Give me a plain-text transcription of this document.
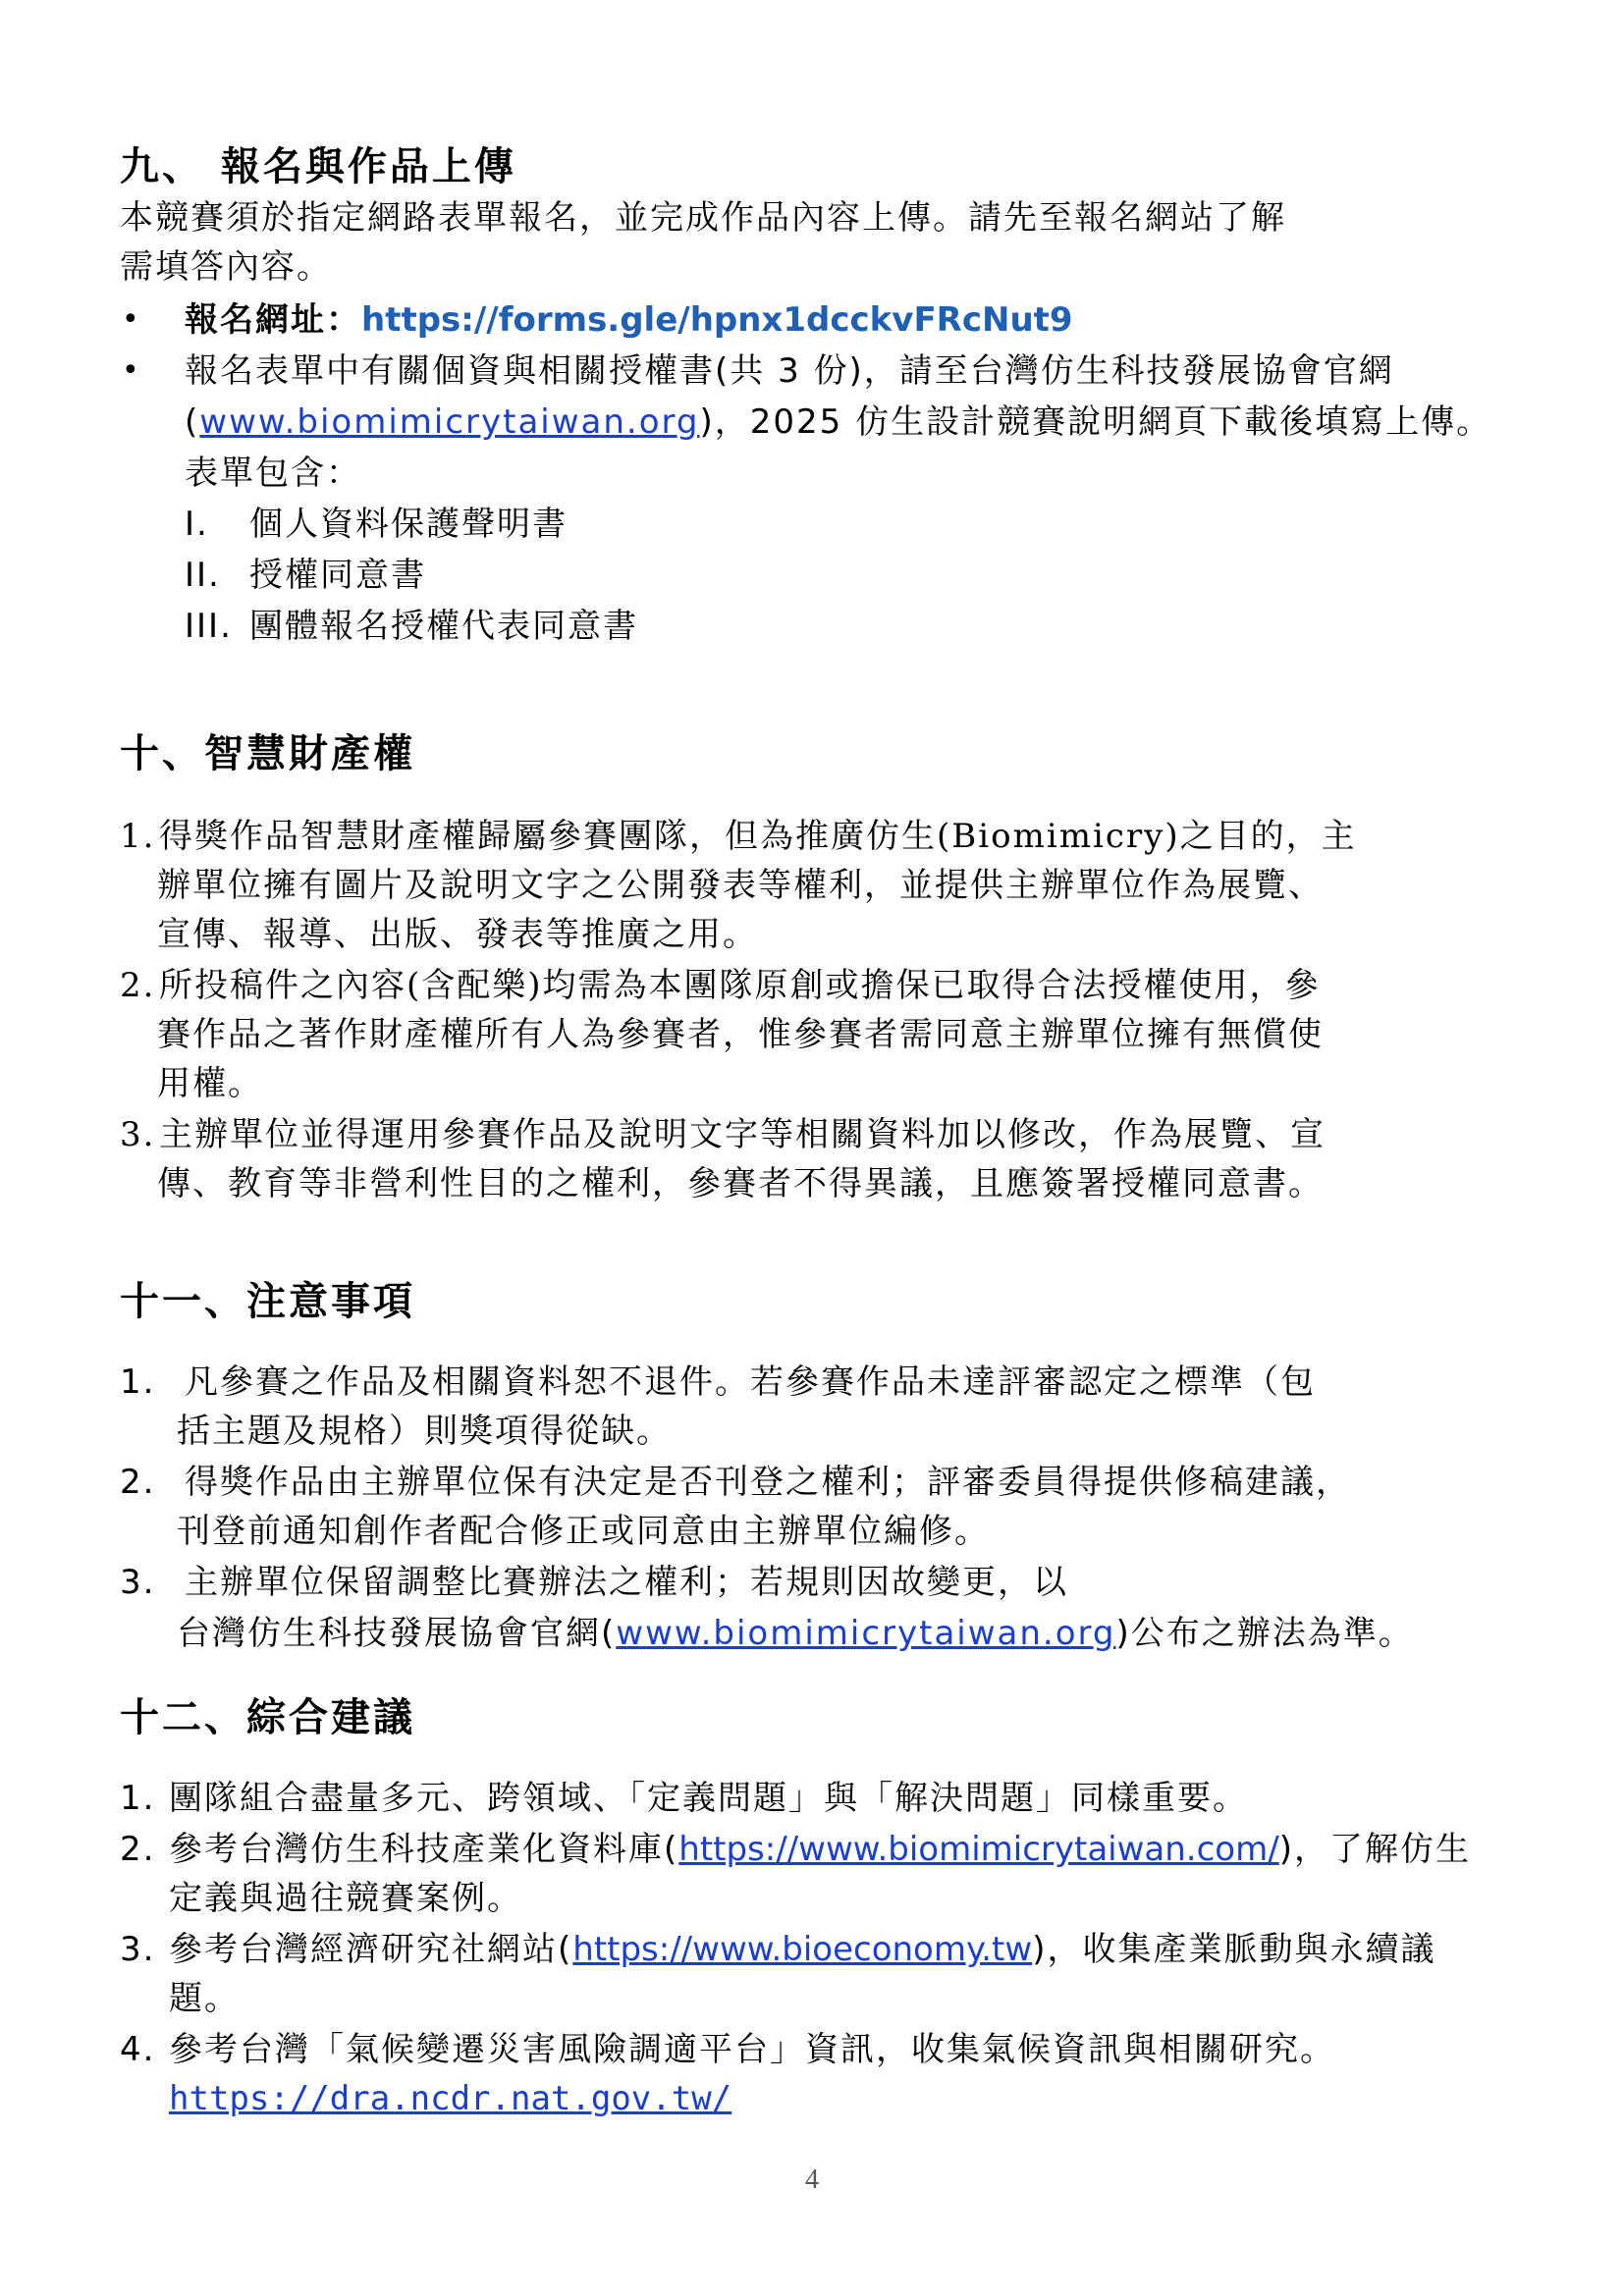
九、 報名與作品上傳
本競賽須於指定網路表單報名，並完成作品內容上傳。請先至報名網站了解
需填答內容。
• 報名網址：https://forms.gle/hpnx1dcckvFRcNut9
• 報名表單中有關個資與相關授權書(共 3 份)，請至台灣仿生科技發展協會官網
(www.biomimicrytaiwan.org)，2025 仿生設計競賽說明網頁下載後填寫上傳。
表單包含：
I. 個人資料保護聲明書
II. 授權同意書
III. 團體報名授權代表同意書
十、智慧財產權
1. 得獎作品智慧財產權歸屬參賽團隊，但為推廣仿生(Biomimicry)之目的，主
辦單位擁有圖片及說明文字之公開發表等權利，並提供主辦單位作為展覽、
宣傳、報導、出版、發表等推廣之用。
2. 所投稿件之內容(含配樂)均需為本團隊原創或擔保已取得合法授權使用，參
賽作品之著作財產權所有人為參賽者，惟參賽者需同意主辦單位擁有無償使
用權。
3. 主辦單位並得運用參賽作品及說明文字等相關資料加以修改，作為展覽、宣
傳、教育等非營利性目的之權利，參賽者不得異議，且應簽署授權同意書。
十一、注意事項
1. 凡參賽之作品及相關資料恕不退件。若參賽作品未達評審認定之標準（包
括主題及規格）則獎項得從缺。
2. 得獎作品由主辦單位保有決定是否刊登之權利；評審委員得提供修稿建議，
刊登前通知創作者配合修正或同意由主辦單位編修。
3. 主辦單位保留調整比賽辦法之權利；若規則因故變更，以
台灣仿生科技發展協會官網(www.biomimicrytaiwan.org)公布之辦法為準。
十二、綜合建議
1. 團隊組合盡量多元、跨領域、「定義問題」與「解決問題」同樣重要。
2. 參考台灣仿生科技產業化資料庫(https://www.biomimicrytaiwan.com/)，了解仿生
定義與過往競賽案例。
3. 參考台灣經濟研究社網站(https://www.bioeconomy.tw)，收集產業脈動與永續議
題。
4. 參考台灣「氣候變遷災害風險調適平台」資訊，收集氣候資訊與相關研究。
https://dra.ncdr.nat.gov.tw/
4
